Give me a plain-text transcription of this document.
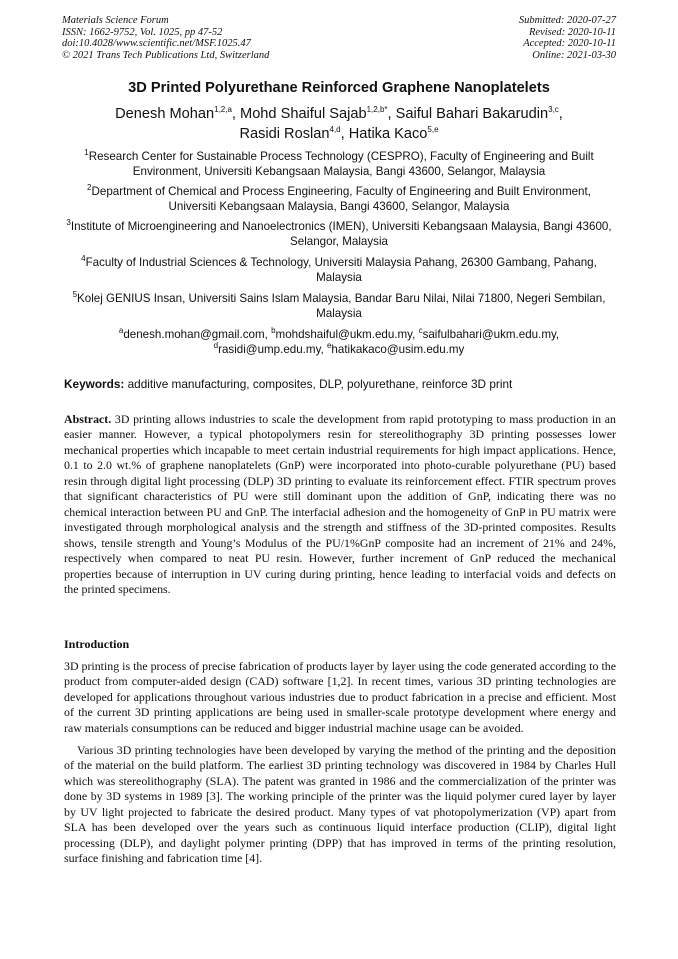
Materials Science Forum
ISSN: 1662-9752, Vol. 1025, pp 47-52
doi:10.4028/www.scientific.net/MSF.1025.47
© 2021 Trans Tech Publications Ltd, Switzerland
Submitted: 2020-07-27
Revised: 2020-10-11
Accepted: 2020-10-11
Online: 2021-03-30
3D Printed Polyurethane Reinforced Graphene Nanoplatelets
Denesh Mohan$^{1,2,a}$, Mohd Shaiful Sajab$^{1,2,b*}$, Saiful Bahari Bakarudin$^{3,c}$,
Rasidi Roslan$^{4,d}$, Hatika Kaco$^{5,e}$
$^1$Research Center for Sustainable Process Technology (CESPRO), Faculty of Engineering and Built Environment, Universiti Kebangsaan Malaysia, Bangi 43600, Selangor, Malaysia
$^2$Department of Chemical and Process Engineering, Faculty of Engineering and Built Environment, Universiti Kebangsaan Malaysia, Bangi 43600, Selangor, Malaysia
$^3$Institute of Microengineering and Nanoelectronics (IMEN), Universiti Kebangsaan Malaysia, Bangi 43600, Selangor, Malaysia
$^4$Faculty of Industrial Sciences & Technology, Universiti Malaysia Pahang, 26300 Gambang, Pahang, Malaysia
$^5$Kolej GENIUS Insan, Universiti Sains Islam Malaysia, Bandar Baru Nilai, Nilai 71800, Negeri Sembilan, Malaysia
$^a$denesh.mohan@gmail.com, $^b$mohdshaiful@ukm.edu.my, $^c$saifulbahari@ukm.edu.my,
$^d$rasidi@ump.edu.my, $^e$hatikakaco@usim.edu.my
Keywords: additive manufacturing, composites, DLP, polyurethane, reinforce 3D print

Abstract. 3D printing allows industries to scale the development from rapid prototyping to mass production in an easier manner. However, a typical photopolymers resin for stereolithography 3D printing possesses lower mechanical properties which incapable to meet certain industrial requirements for high impact applications. Hence, 0.1 to 2.0 wt.% of graphene nanoplatelets (GnP) were incorporated into photo-curable polyurethane (PU) based resin through digital light processing (DLP) 3D printing to evaluate its reinforcement effect. FTIR spectrum proves that significant characteristics of PU were still dominant upon the addition of GnP, indicating there was no chemical interaction between PU and GnP. The interfacial adhesion and the homogeneity of GnP in PU matrix were investigated through morphological analysis and the strength and stiffness of the 3D-printed composites. Results shows, tensile strength and Young’s Modulus of the PU/1%GnP composite had an increment of 21% and 24%, respectively when compared to neat PU resin. However, further increment of GnP reduced the mechanical properties because of interruption in UV curing during printing, hence leading to interfacial voids and defects on the printed specimens.

Introduction

3D printing is the process of precise fabrication of products layer by layer using the code generated according to the product from computer-aided design (CAD) software [1,2]. In recent times, various 3D printing technologies are developed for applications throughout various industries due to product fabrication in a precise and efficient. Most of the current 3D printing applications are being used in smaller-scale prototype development where energy and raw materials consumptions can be reduced and bigger industrial machine usage can be avoided.

Various 3D printing technologies have been developed by varying the method of the printing and the deposition of the material on the build platform. The earliest 3D printing technology was discovered in 1984 by Charles Hull which was stereolithography (SLA). The patent was granted in 1986 and the commercialization of the printer was done by 3D systems in 1989 [3]. The working principle of the printer was the liquid polymer cured layer by layer by UV light projected to fabricate the desired product. Many types of vat photopolymerization (VP) apart from SLA has been developed over the years such as continuous liquid interface production (CLIP), digital light processing (DLP), and daylight polymer printing (DPP) that has improved in terms of the printing resolution, surface finishing and fabrication time [4].
